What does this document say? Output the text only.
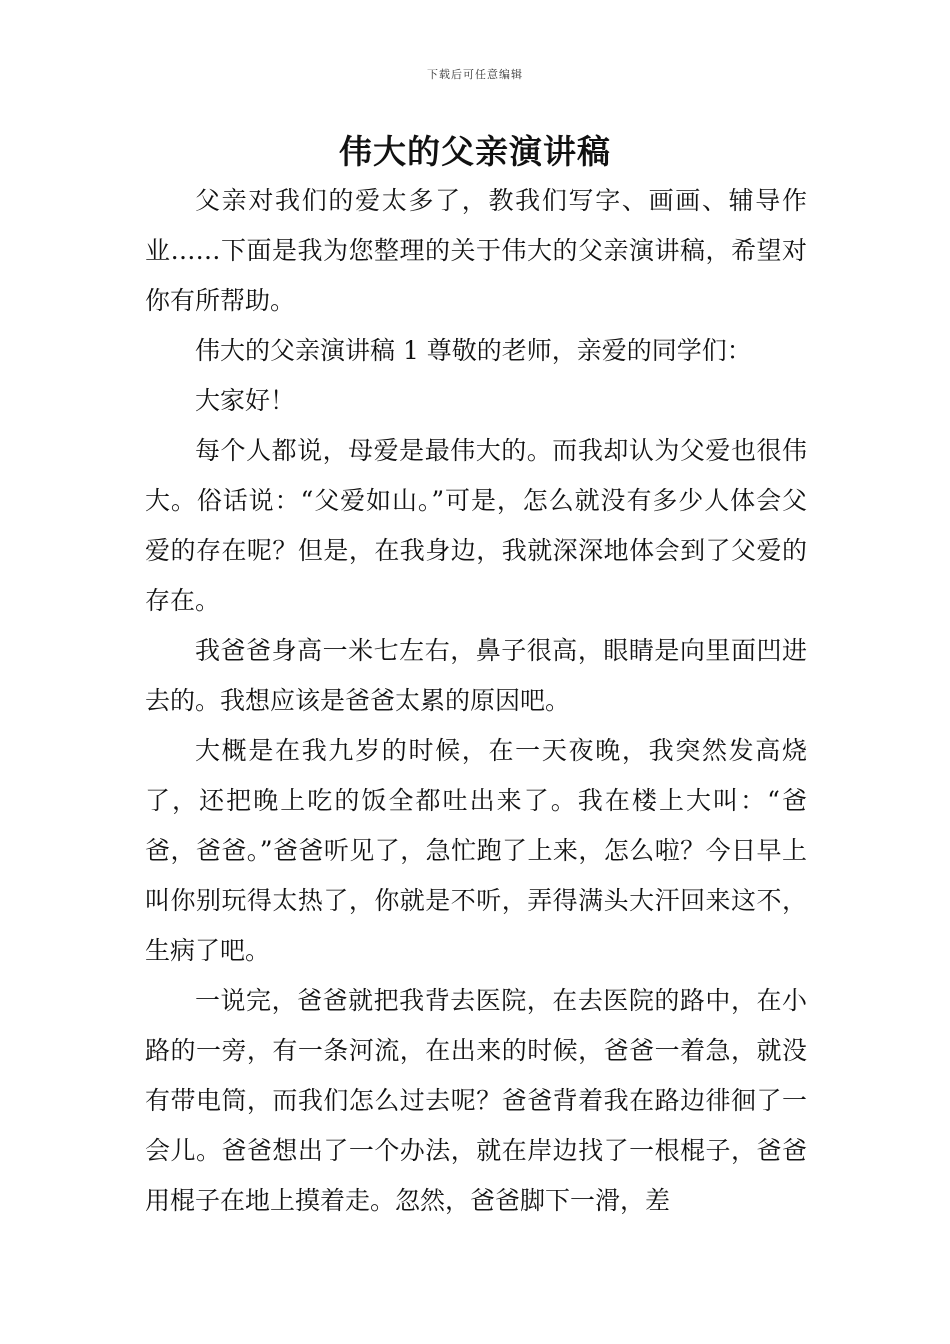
下载后可任意编辑
伟大的父亲演讲稿

父亲对我们的爱太多了，教我们写字、画画、辅导作业……下面是我为您整理的关于伟大的父亲演讲稿，希望对你有所帮助。

伟大的父亲演讲稿 1 尊敬的老师，亲爱的同学们：

大家好！

每个人都说，母爱是最伟大的。而我却认为父爱也很伟大。俗话说：“父爱如山。”可是，怎么就没有多少人体会父爱的存在呢？但是，在我身边，我就深深地体会到了父爱的存在。

我爸爸身高一米七左右，鼻子很高，眼睛是向里面凹进去的。我想应该是爸爸太累的原因吧。

大概是在我九岁的时候，在一天夜晚，我突然发高烧了，还把晚上吃的饭全都吐出来了。我在楼上大叫：“爸爸，爸爸。”爸爸听见了，急忙跑了上来，怎么啦？今日早上叫你别玩得太热了，你就是不听，弄得满头大汗回来这不，生病了吧。

一说完，爸爸就把我背去医院，在去医院的路中，在小路的一旁，有一条河流，在出来的时候，爸爸一着急，就没有带电筒，而我们怎么过去呢？爸爸背着我在路边徘徊了一会儿。爸爸想出了一个办法，就在岸边找了一根棍子，爸爸用棍子在地上摸着走。忽然，爸爸脚下一滑，差
